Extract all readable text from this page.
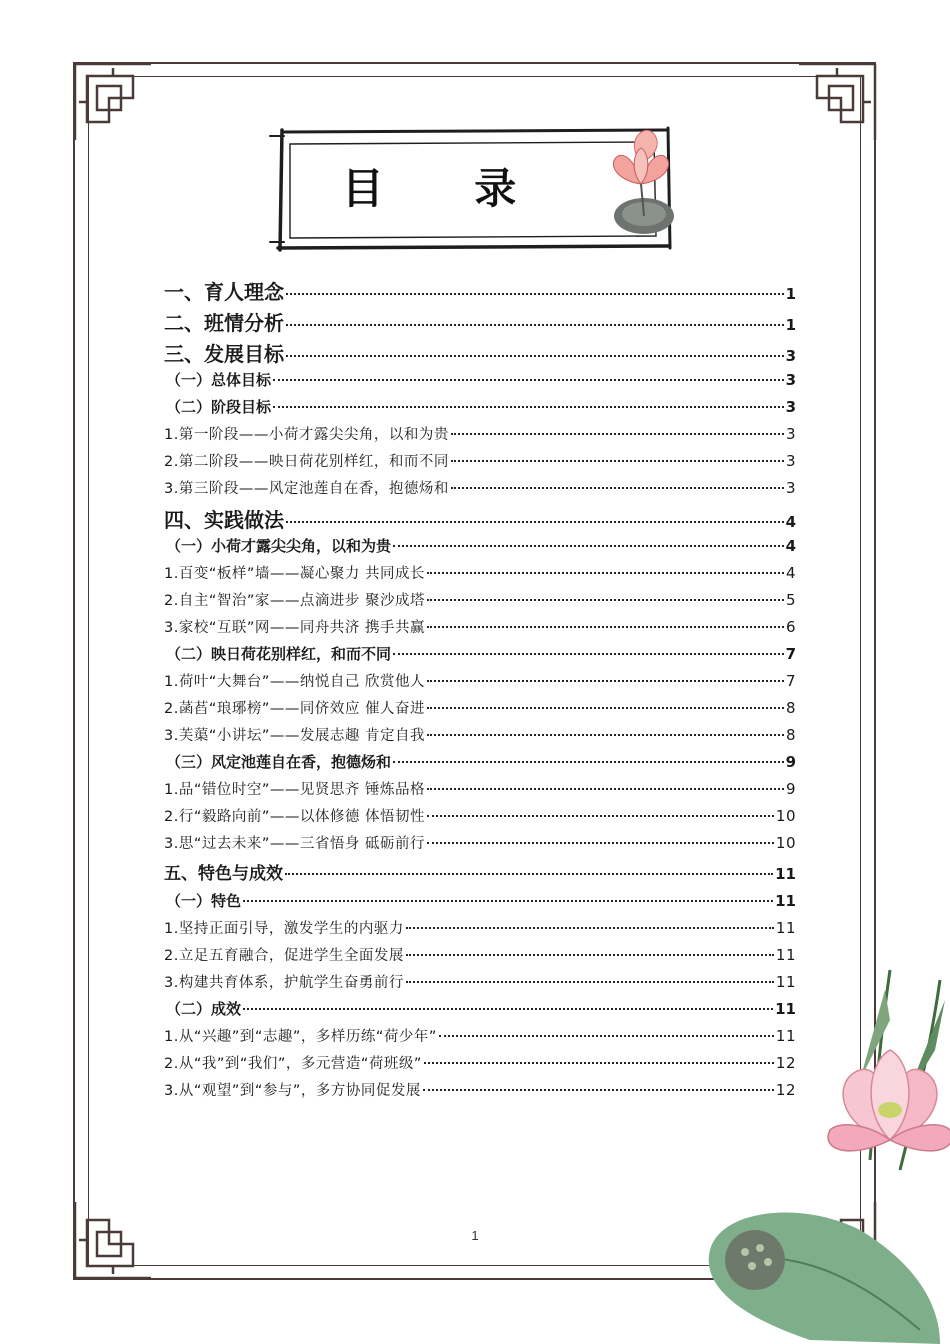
目 录
一、育人理念	1
二、班情分析	1
三、发展目标	3
（一）总体目标	3
（二）阶段目标	3
1.第一阶段——小荷才露尖尖角，以和为贵	3
2.第二阶段——映日荷花别样红，和而不同	3
3.第三阶段——风定池莲自在香，抱德炀和	3
四、实践做法	4
（一）小荷才露尖尖角，以和为贵	4
1.百变“板样”墙——凝心聚力 共同成长	4
2.自主“智治”家——点滴进步 聚沙成塔	5
3.家校“互联”网——同舟共济 携手共赢	6
（二）映日荷花别样红，和而不同	7
1.荷叶“大舞台”——纳悦自己 欣赏他人	7
2.菡萏“琅琊榜”——同侪效应 催人奋进	8
3.芙蕖“小讲坛”——发展志趣 肯定自我	8
（三）风定池莲自在香，抱德炀和	9
1.品“错位时空”——见贤思齐 锤炼品格	9
2.行“毅路向前”——以体修德 体悟韧性	10
3.思“过去未来”——三省悟身 砥砺前行	10
五、特色与成效	11
（一）特色	11
1.坚持正面引导，激发学生的内驱力	11
2.立足五育融合，促进学生全面发展	11
3.构建共育体系，护航学生奋勇前行	11
（二）成效	11
1.从“兴趣”到“志趣”，多样历练“荷少年”	11
2.从“我”到“我们”，多元营造“荷班级”	12
3.从“观望”到“参与”，多方协同促发展	12
1
